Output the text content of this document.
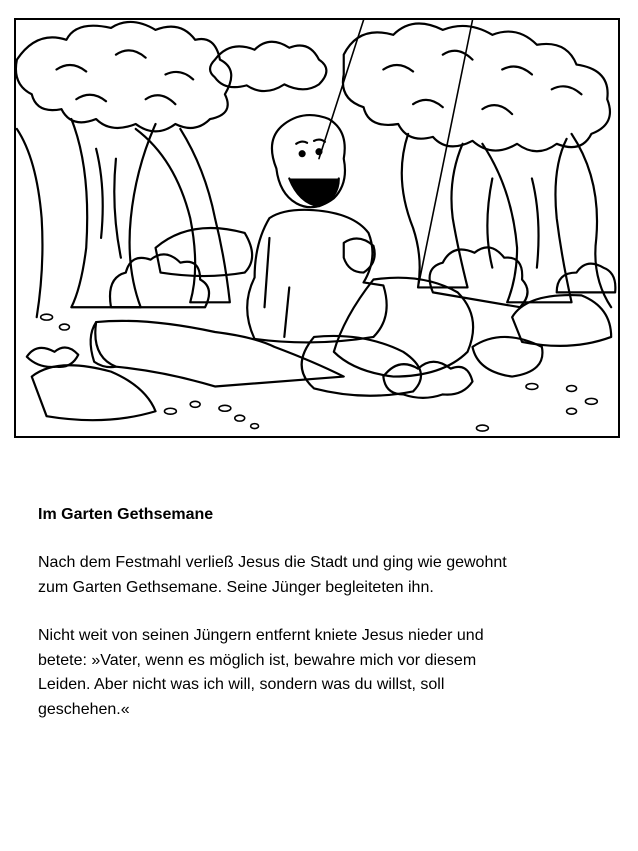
Im Garten Gethsemane
Nach dem Festmahl verließ Jesus die Stadt und ging wie gewohnt
zum Garten Gethsemane. Seine Jünger begleiteten ihn.
Nicht weit von seinen Jüngern entfernt kniete Jesus nieder und
betete: »Vater, wenn es möglich ist, bewahre mich vor diesem
Leiden. Aber nicht was ich will, sondern was du willst, soll
geschehen.«
